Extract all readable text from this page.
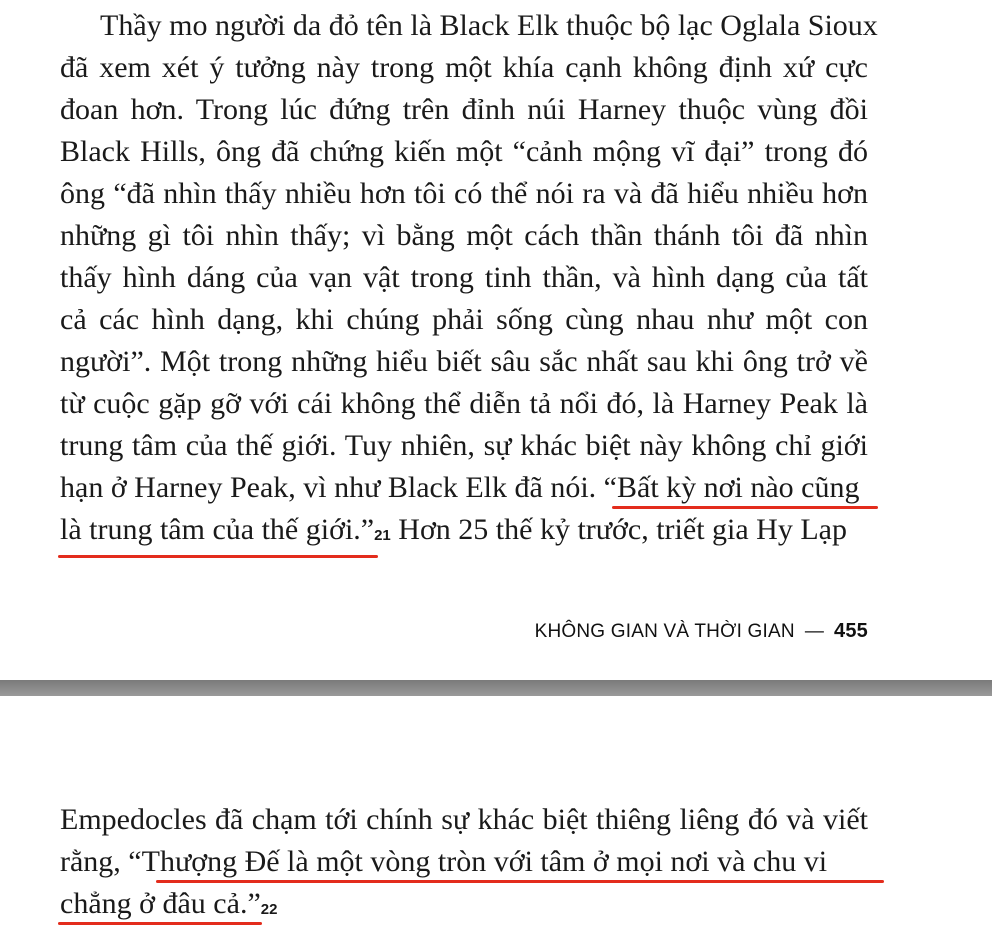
Thầy mo người da đỏ tên là Black Elk thuộc bộ lạc Oglala Sioux
đã xem xét ý tưởng này trong một khía cạnh không định xứ cực
đoan hơn. Trong lúc đứng trên đỉnh núi Harney thuộc vùng đồi
Black Hills, ông đã chứng kiến một “cảnh mộng vĩ đại” trong đó
ông “đã nhìn thấy nhiều hơn tôi có thể nói ra và đã hiểu nhiều hơn
những gì tôi nhìn thấy; vì bằng một cách thần thánh tôi đã nhìn
thấy hình dáng của vạn vật trong tinh thần, và hình dạng của tất
cả các hình dạng, khi chúng phải sống cùng nhau như một con
người”. Một trong những hiểu biết sâu sắc nhất sau khi ông trở về
từ cuộc gặp gỡ với cái không thể diễn tả nổi đó, là Harney Peak là
trung tâm của thế giới. Tuy nhiên, sự khác biệt này không chỉ giới
hạn ở Harney Peak, vì như Black Elk đã nói. “Bất kỳ nơi nào cũng
là trung tâm của thế giới.”$^{21}$ Hơn 25 thế kỷ trước, triết gia Hy Lạp
KHÔNG GIAN VÀ THỜI GIAN — 455
Empedocles đã chạm tới chính sự khác biệt thiêng liêng đó và viết
rằng, “Thượng Đế là một vòng tròn với tâm ở mọi nơi và chu vi
chẳng ở đâu cả.”$^{22}$
